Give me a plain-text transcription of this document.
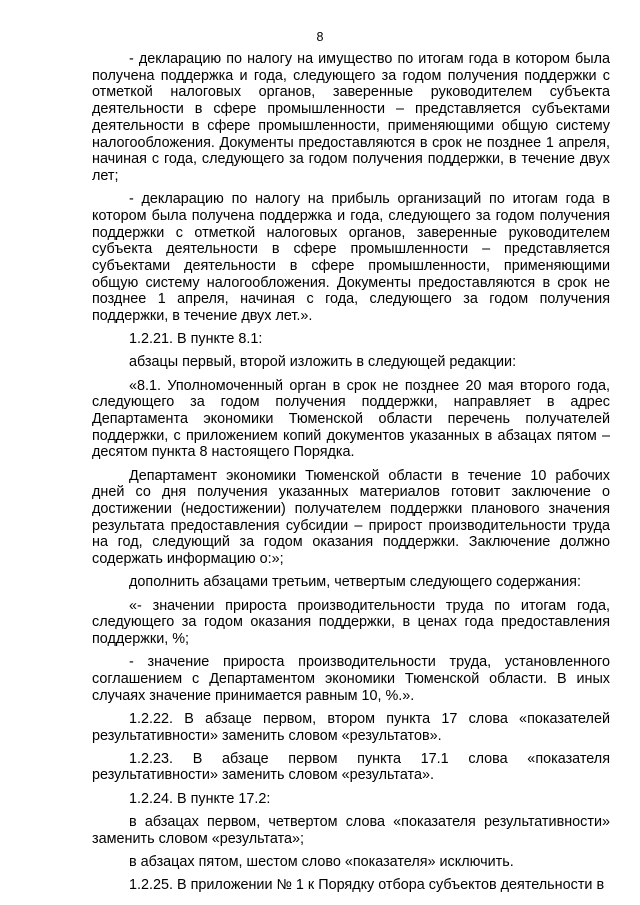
8

- декларацию по налогу на имущество по итогам года в котором была получена поддержка и года, следующего за годом получения поддержки с отметкой налоговых органов, заверенные руководителем субъекта деятельности в сфере промышленности – представляется субъектами деятельности в сфере промышленности, применяющими общую систему налогообложения. Документы предоставляются в срок не позднее 1 апреля, начиная с года, следующего за годом получения поддержки, в течение двух лет;

- декларацию по налогу на прибыль организаций по итогам года в котором была получена поддержка и года, следующего за годом получения поддержки с отметкой налоговых органов, заверенные руководителем субъекта деятельности в сфере промышленности – представляется субъектами деятельности в сфере промышленности, применяющими общую систему налогообложения. Документы предоставляются в срок не позднее 1 апреля, начиная с года, следующего за годом получения поддержки, в течение двух лет.».

1.2.21. В пункте 8.1:

абзацы первый, второй изложить в следующей редакции:

«8.1. Уполномоченный орган в срок не позднее 20 мая второго года, следующего за годом получения поддержки, направляет в адрес Департамента экономики Тюменской области перечень получателей поддержки, с приложением копий документов указанных в абзацах пятом – десятом пункта 8 настоящего Порядка.

Департамент экономики Тюменской области в течение 10 рабочих дней со дня получения указанных материалов готовит заключение о достижении (недостижении) получателем поддержки планового значения результата предоставления субсидии – прирост производительности труда на год, следующий за годом оказания поддержки. Заключение должно содержать информацию о:»;

дополнить абзацами третьим, четвертым следующего содержания:

«- значении прироста производительности труда по итогам года, следующего за годом оказания поддержки, в ценах года предоставления поддержки, %;

- значение прироста производительности труда, установленного соглашением с Департаментом экономики Тюменской области. В иных случаях значение принимается равным 10, %.».

1.2.22. В абзаце первом, втором пункта 17 слова «показателей результативности» заменить словом «результатов».

1.2.23. В абзаце первом пункта 17.1 слова «показателя результативности» заменить словом «результата».

1.2.24. В пункте 17.2:

в абзацах первом, четвертом слова «показателя результативности» заменить словом «результата»;

в абзацах пятом, шестом слово «показателя» исключить.

1.2.25. В приложении № 1 к Порядку отбора субъектов деятельности в
